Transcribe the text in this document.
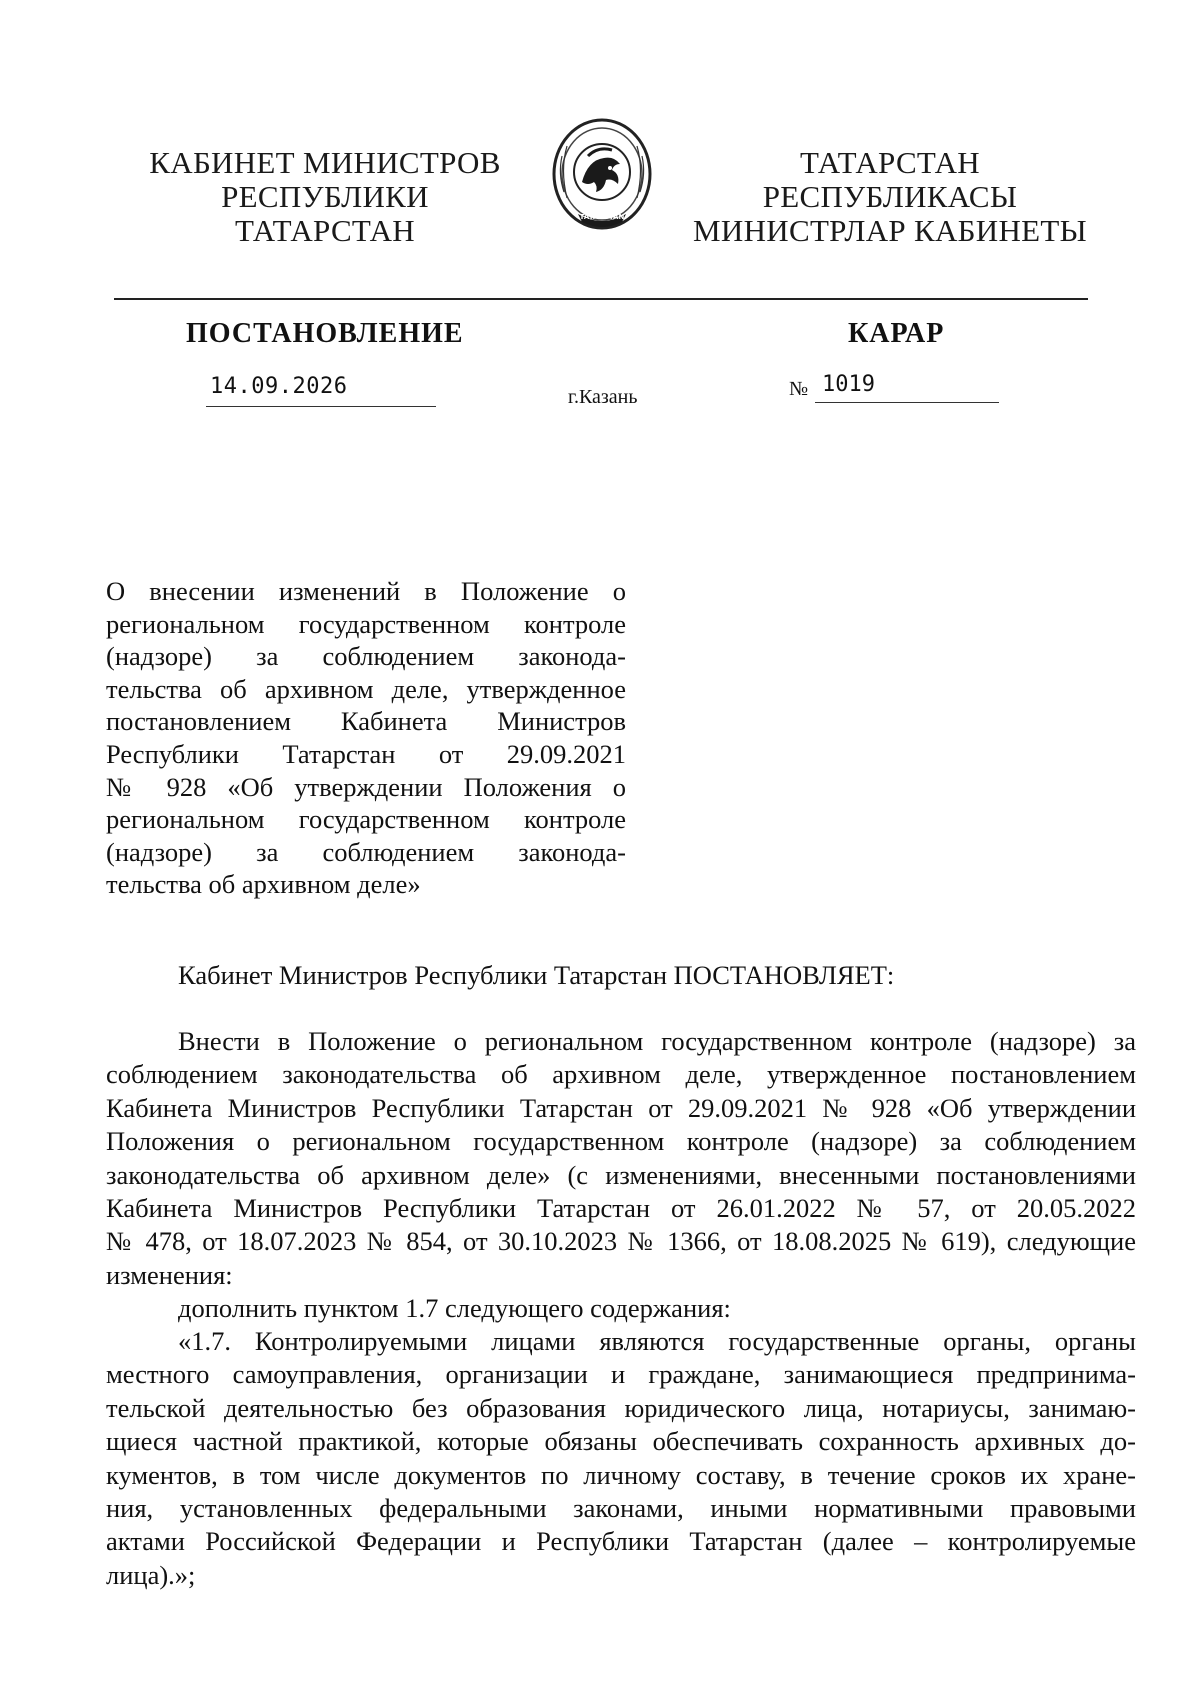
КАБИНЕТ МИНИСТРОВ
РЕСПУБЛИКИ ТАТАРСТАН	TATARSTAN
ТАТАРСТАН РЕСПУБЛИКАСЫ
МИНИСТРЛАР КАБИНЕТЫ
ПОСТАНОВЛЕНИЕ	КАРАР
14.09.2026	г.Казань	№ 1019
О внесении изменений в Положение о
региональном государственном контроле
(надзоре) за соблюдением законода-
тельства об архивном деле, утвержденное
постановлением Кабинета Министров
Республики Татарстан от 29.09.2021
№ 928 «Об утверждении Положения о
региональном государственном контроле
(надзоре) за соблюдением законода-
тельства об архивном деле»
Кабинет Министров Республики Татарстан ПОСТАНОВЛЯЕТ:
Внести в Положение о региональном государственном контроле (надзоре) за
соблюдением законодательства об архивном деле, утвержденное постановлением
Кабинета Министров Республики Татарстан от 29.09.2021 № 928 «Об утверждении
Положения о региональном государственном контроле (надзоре) за соблюдением
законодательства об архивном деле» (с изменениями, внесенными постановлениями
Кабинета Министров Республики Татарстан от 26.01.2022 № 57, от 20.05.2022
№ 478, от 18.07.2023 № 854, от 30.10.2023 № 1366, от 18.08.2025 № 619), следующие
изменения:
дополнить пунктом 1.7 следующего содержания:
«1.7. Контролируемыми лицами являются государственные органы, органы
местного самоуправления, организации и граждане, занимающиеся предпринима-
тельской деятельностью без образования юридического лица, нотариусы, занимаю-
щиеся частной практикой, которые обязаны обеспечивать сохранность архивных до-
кументов, в том числе документов по личному составу, в течение сроков их хране-
ния, установленных федеральными законами, иными нормативными правовыми
актами Российской Федерации и Республики Татарстан (далее – контролируемые
лица).»;
